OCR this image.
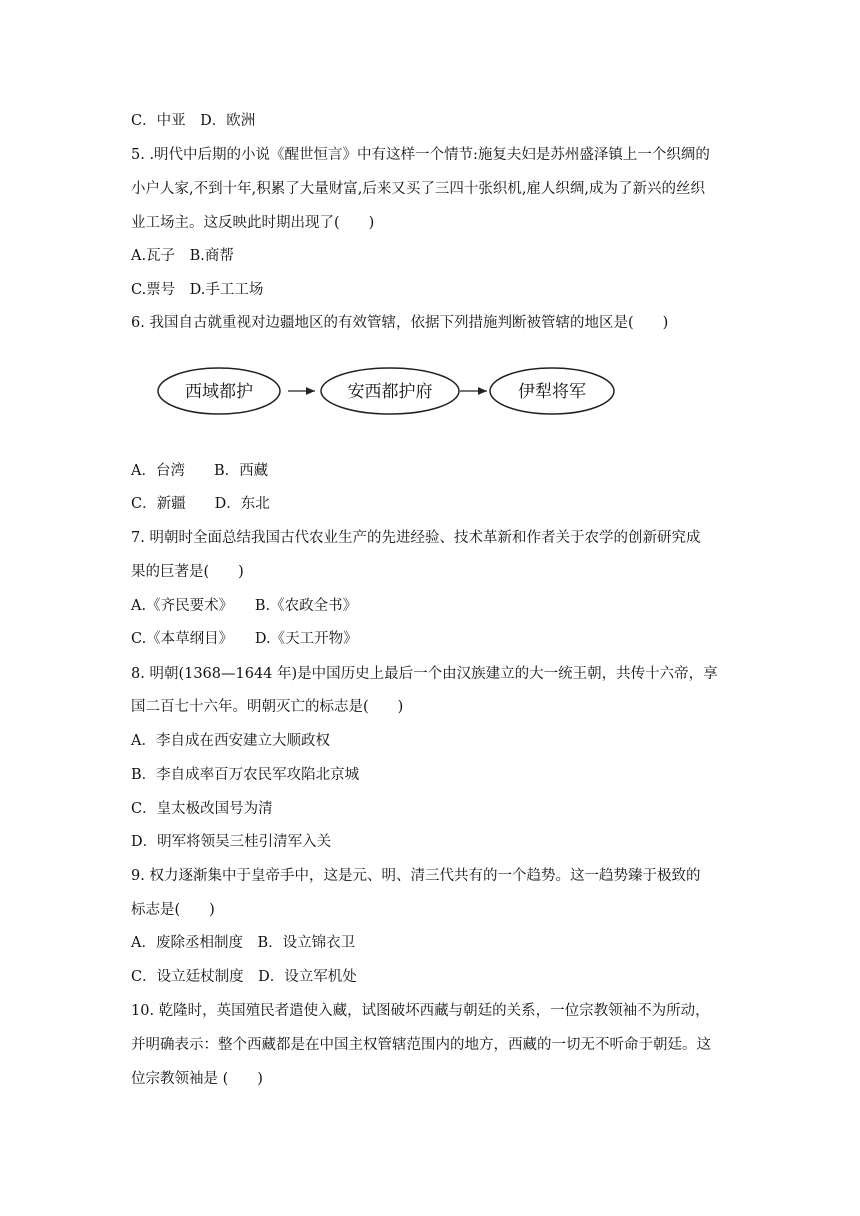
C．中亚　D．欧洲
5. .明代中后期的小说《醒世恒言》中有这样一个情节:施复夫妇是苏州盛泽镇上一个织绸的
小户人家,不到十年,积累了大量财富,后来又买了三四十张织机,雇人织绸,成为了新兴的丝织
业工场主。这反映此时期出现了(　　)
A.瓦子　B.商帮
C.票号　D.手工工场
6. 我国自古就重视对边疆地区的有效管辖，依据下列措施判断被管辖的地区是(　　)
西域都护	安西都护府	伊犁将军
A．台湾　　B．西藏
C．新疆　　D．东北
7. 明朝时全面总结我国古代农业生产的先进经验、技术革新和作者关于农学的创新研究成
果的巨著是(　　)
A.《齐民要术》　　B.《农政全书》
C.《本草纲目》　　D.《天工开物》
8. 明朝(1368—1644 年)是中国历史上最后一个由汉族建立的大一统王朝，共传十六帝，享
国二百七十六年。明朝灭亡的标志是(　　)
A．李自成在西安建立大顺政权
B．李自成率百万农民军攻陷北京城
C．皇太极改国号为清
D．明军将领吴三桂引清军入关
9. 权力逐渐集中于皇帝手中，这是元、明、清三代共有的一个趋势。这一趋势臻于极致的
标志是(　　)
A．废除丞相制度　B．设立锦衣卫
C．设立廷杖制度　D．设立军机处
10. 乾隆时，英国殖民者遣使入藏，试图破坏西藏与朝廷的关系，一位宗教领袖不为所动，
并明确表示：整个西藏都是在中国主权管辖范围内的地方，西藏的一切无不听命于朝廷。这
位宗教领袖是 (　　)
